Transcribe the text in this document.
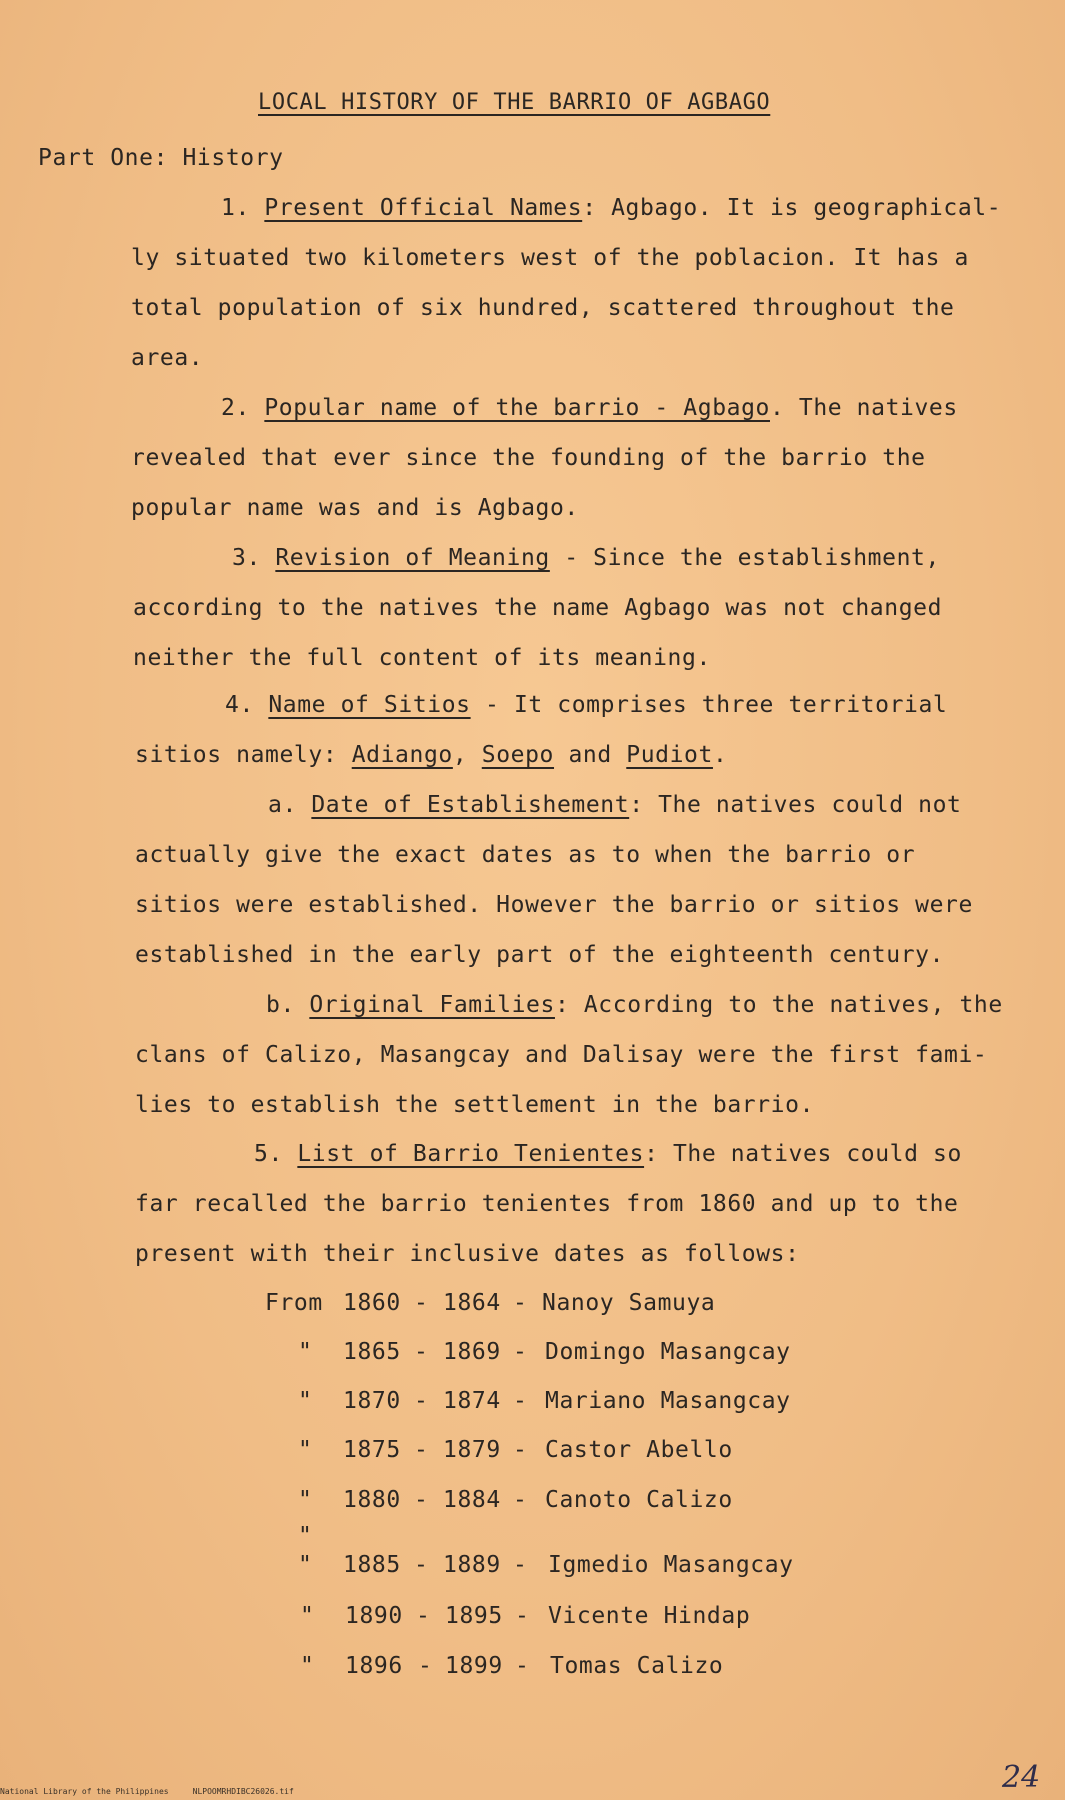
LOCAL HISTORY OF THE BARRIO OF AGBAGO
Part One: History
1. Present Official Names: Agbago. It is geographical-
ly situated two kilometers west of the poblacion. It has a
total population of six hundred, scattered throughout the
area.
2. Popular name of the barrio - Agbago. The natives
revealed that ever since the founding of the barrio the
popular name was and is Agbago.
3. Revision of Meaning - Since the establishment,
according to the natives the name Agbago was not changed
neither the full content of its meaning.
4. Name of Sitios - It comprises three territorial
sitios namely: Adiango, Soepo and Pudiot.
a. Date of Establishement: The natives could not
actually give the exact dates as to when the barrio or
sitios were established. However the barrio or sitios were
established in the early part of the eighteenth century.
b. Original Families: According to the natives, the
clans of Calizo, Masangcay and Dalisay were the first fami-
lies to establish the settlement in the barrio.
5. List of Barrio Tenientes: The natives could so
far recalled the barrio tenientes from 1860 and up to the
present with their inclusive dates as follows:
From 1860 - 1864 - Nanoy Samuya
" 1865 - 1869 - Domingo Masangcay
" 1870 - 1874 - Mariano Masangcay
" 1875 - 1879 - Castor Abello
" 1880 - 1884 - Canoto Calizo
"
" 1885 - 1889 - Igmedio Masangcay
" 1890 - 1895 - Vicente Hindap
" 1896 - 1899 - Tomas Calizo
National Library of the Philippines     NLPOOMRHDIBC26026.tif	24
